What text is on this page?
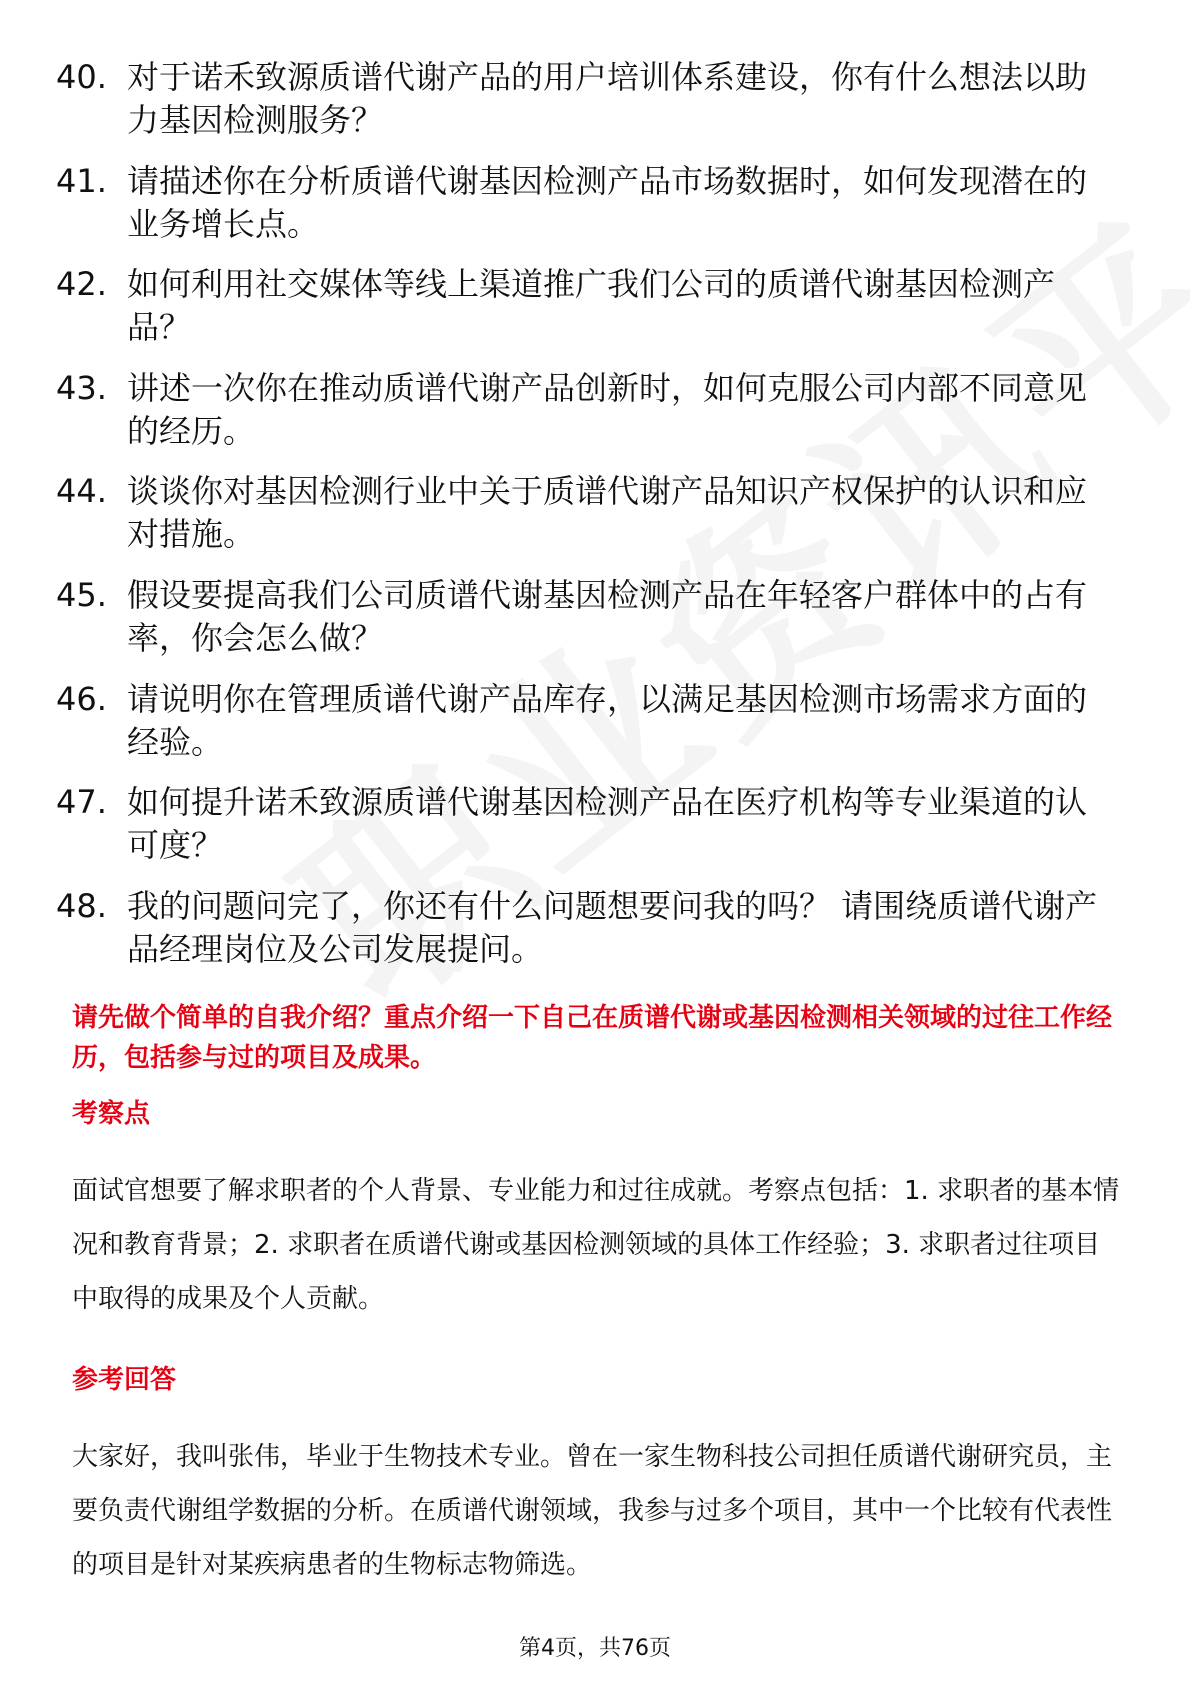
40. 对于诺禾致源质谱代谢产品的用户培训体系建设，你有什么想法以助力基因检测服务？
41. 请描述你在分析质谱代谢基因检测产品市场数据时，如何发现潜在的业务增长点。
42. 如何利用社交媒体等线上渠道推广我们公司的质谱代谢基因检测产品？
43. 讲述一次你在推动质谱代谢产品创新时，如何克服公司内部不同意见的经历。
44. 谈谈你对基因检测行业中关于质谱代谢产品知识产权保护的认识和应对措施。
45. 假设要提高我们公司质谱代谢基因检测产品在年轻客户群体中的占有率，你会怎么做？
46. 请说明你在管理质谱代谢产品库存，以满足基因检测市场需求方面的经验。
47. 如何提升诺禾致源质谱代谢基因检测产品在医疗机构等专业渠道的认可度？
48. 我的问题问完了，你还有什么问题想要问我的吗？ 请围绕质谱代谢产品经理岗位及公司发展提问。
请先做个简单的自我介绍？重点介绍一下自己在质谱代谢或基因检测相关领域的过往工作经历，包括参与过的项目及成果。
考察点
面试官想要了解求职者的个人背景、专业能力和过往成就。考察点包括：1. 求职者的基本情况和教育背景；2. 求职者在质谱代谢或基因检测领域的具体工作经验；3. 求职者过往项目中取得的成果及个人贡献。
参考回答
大家好，我叫张伟，毕业于生物技术专业。曾在一家生物科技公司担任质谱代谢研究员，主要负责代谢组学数据的分析。在质谱代谢领域，我参与过多个项目，其中一个比较有代表性的项目是针对某疾病患者的生物标志物筛选。
第4页，共76页
